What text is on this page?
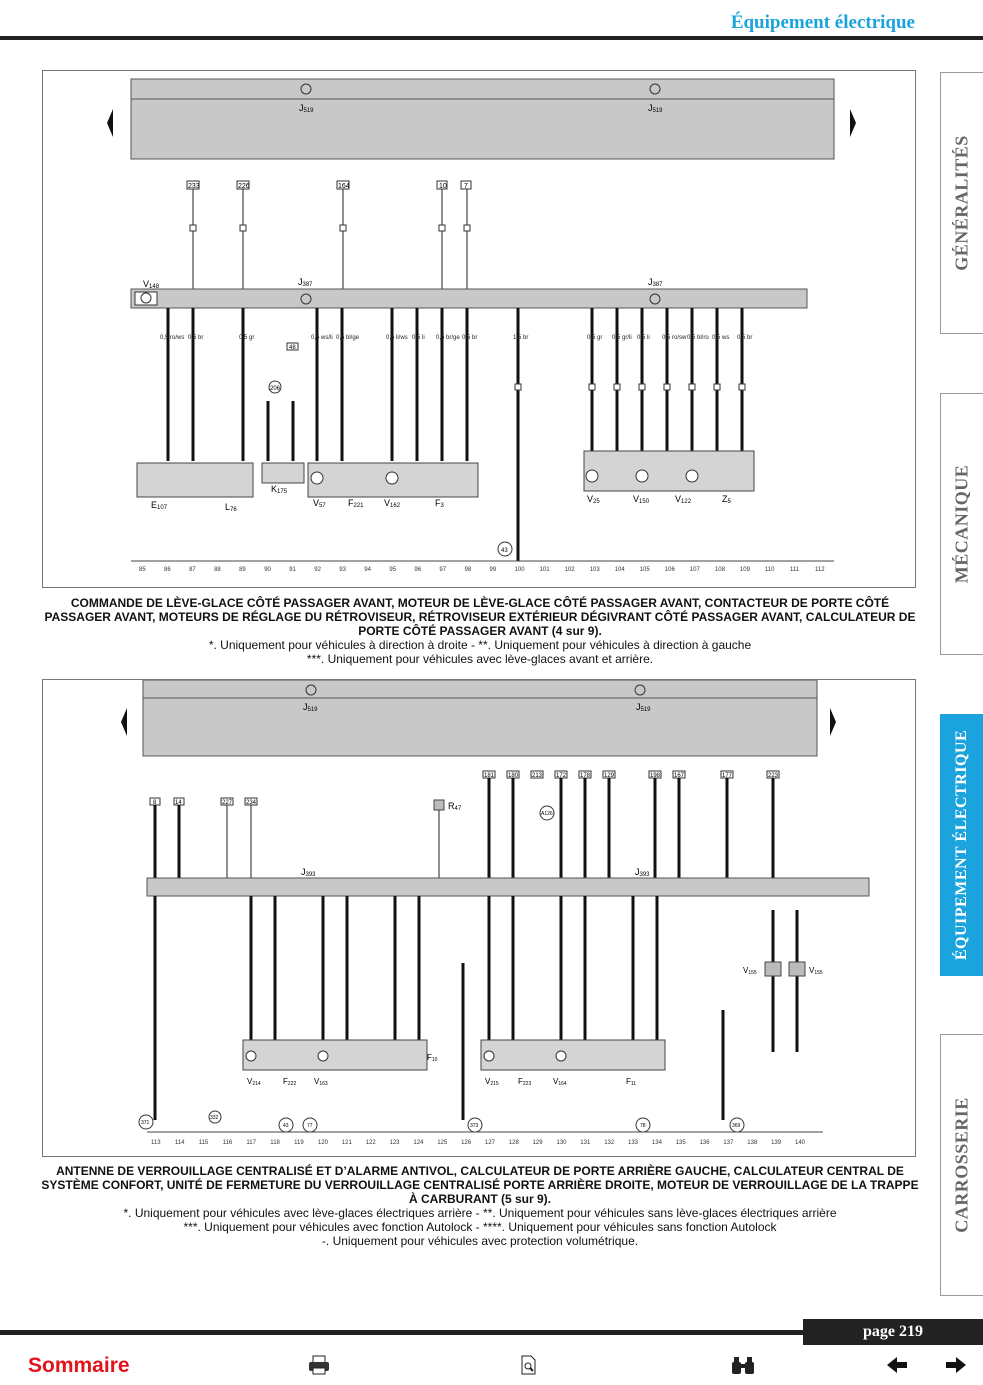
Équipement électrique
GÉNÉRALITÉS
MÉCANIQUE
ÉQUIPEMENT ÉLECTRIQUE
CARROSSERIE
J519	J519
233	226	164	10 7
V148	J387	J387
206
48
0,5 ro/ws 0,5 br	0,5 gr	0,5 ws/li 0,5 bl/ge	0,5 li/ws 0,5 li 0,5 br/ge 0,5 br	1,5 br	0,5 gr 0,5 gr/li 0,5 li 0,5 ro/sw 0,5 bl/ro 0,5 ws 0,5 br
E107	L76
K175
V57 F221 V162	F3
V25	V150	V122	Z5
43
85	86	87	88	89	90	91	92	93	94	95	96	97	98	99	100 101 102	103 104 105	106 107	108 109 110	111	112
COMMANDE DE LÈVE-GLACE CÔTÉ PASSAGER AVANT, MOTEUR DE LÈVE-GLACE CÔTÉ PASSAGER AVANT, CONTACTEUR DE PORTE CÔTÉ PASSAGER AVANT, MOTEURS DE RÉGLAGE DU RÉTROVISEUR, RÉTROVISEUR EXTÉRIEUR DÉGIVRANT CÔTÉ PASSAGER AVANT, CALCULATEUR DE PORTE CÔTÉ PASSAGER AVANT (4 sur 9).
*. Uniquement pour véhicules à direction à droite - **. Uniquement pour véhicules à direction à gauche
***. Uniquement pour véhicules avec lève-glaces avant et arrière.
J519	J519
8	14	227 234
181 180 213 172 178 129	198 167	177	223
R47
A126
J393	J393
V214	F222 V163
F10
V215 F223	V164	F11
V155	V155
371
332
43	77	373	78	369
113 114 115 116 117 118 119 120 121 122 123 124 125 126 127 128 129 130 131 132 133 134 135 136 137 138 139 140
ANTENNE DE VERROUILLAGE CENTRALISÉ ET D’ALARME ANTIVOL, CALCULATEUR DE PORTE ARRIÈRE GAUCHE, CALCULATEUR CENTRAL DE SYSTÈME CONFORT, UNITÉ DE FERMETURE DU VERROUILLAGE CENTRALISÉ PORTE ARRIÈRE DROITE, MOTEUR DE VERROUILLAGE DE LA TRAPPE À CARBURANT (5 sur 9).
*. Uniquement pour véhicules avec lève-glaces électriques arrière - **. Uniquement pour véhicules sans lève-glaces électriques arrière
***. Uniquement pour véhicules avec fonction Autolock - ****. Uniquement pour véhicules sans fonction Autolock
-. Uniquement pour véhicules avec protection volumétrique.
page 219
Sommaire
